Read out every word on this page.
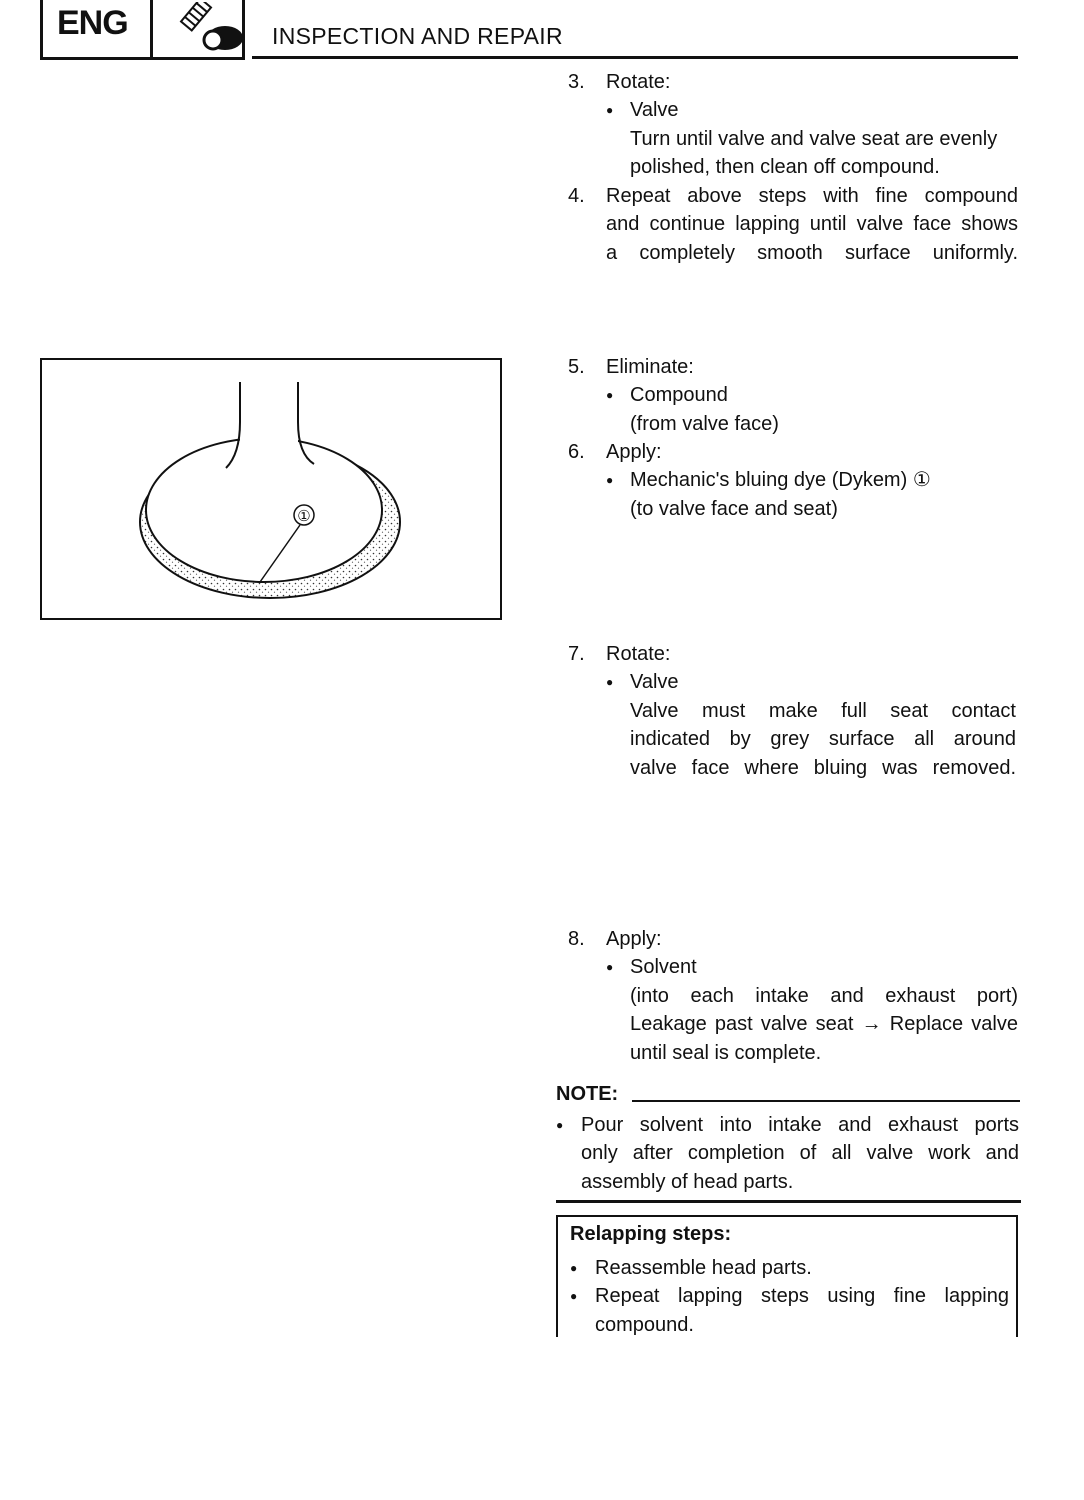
ENG	INSPECTION AND REPAIR
3. Rotate:
● Valve
Turn until valve and valve seat are evenly
polished, then clean off compound.
4. Repeat above steps with fine compound
and continue lapping until valve face shows
a completely smooth surface uniformly.
①
5. Eliminate:
● Compound
(from valve face)
6. Apply:
● Mechanic's bluing dye (Dykem) ①
(to valve face and seat)
7. Rotate:
● Valve
Valve must make full seat contact
indicated by grey surface all around
valve face where bluing was removed.
8. Apply:
● Solvent
(into each intake and exhaust port)
Leakage past valve seat → Replace valve
until seal is complete.
NOTE:
● Pour solvent into intake and exhaust ports
only after completion of all valve work and
assembly of head parts.
Relapping steps:
● Reassemble head parts.
● Repeat lapping steps using fine lapping
compound.
